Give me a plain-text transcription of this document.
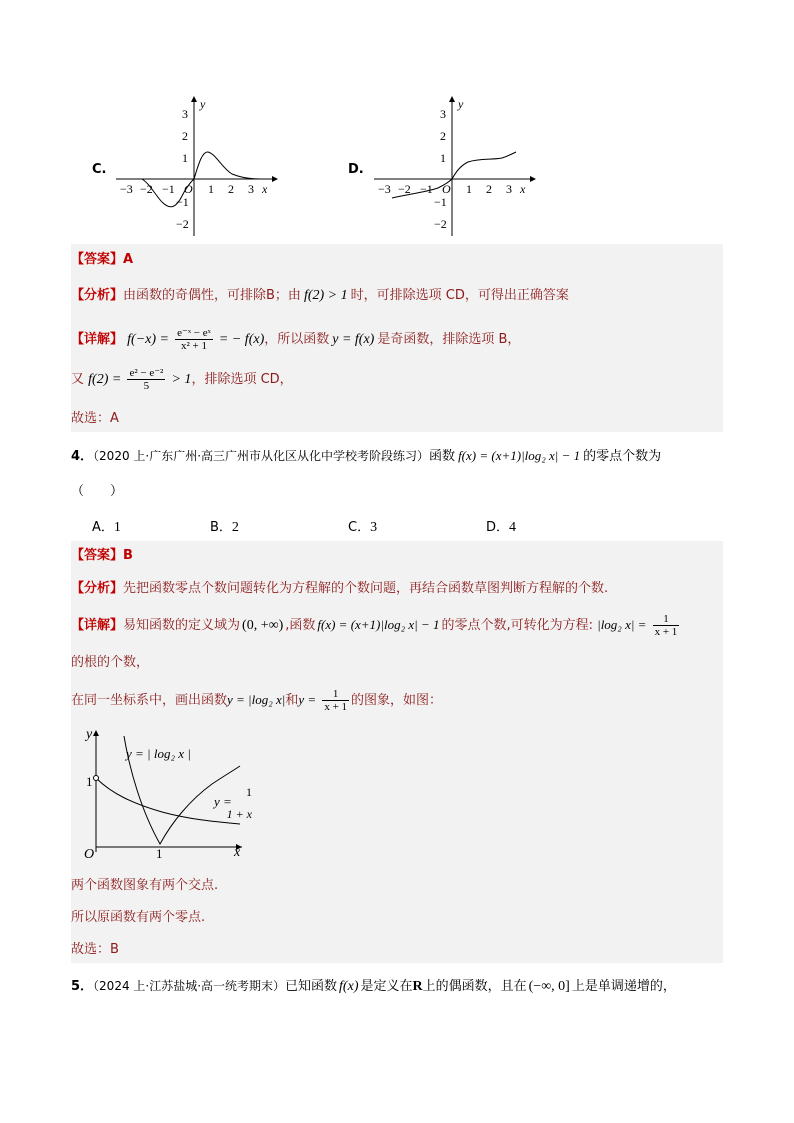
C.
−3 −2 −1 O 1 2 3 x
3
2
1
−1
−2
y
D.
−3 −2 −1 O 1 2 3 x
3
2
1
−1
−2
y
【答案】A
【分析】由函数的奇偶性，可排除B；由 f(2) > 1 时，可排除选项 CD，可得出正确答案
【详解】 $f(-x) = \frac{\text{e⁻ˣ − eˣ}}{\text{x² + 1}}$ = − f(x)，所以函数 y = f(x) 是奇函数，排除选项 B，
又 $f(2) = \frac{\text{e² − e⁻²}}{5} > 1$，排除选项 CD，
故选：A
4．（2020 上·广东广州·高三广州市从化区从化中学校考阶段练习）函数 f(x) = (x+1)|log₂ x| − 1 的零点个数为
（　　）
A．1	B．2	C．3	D．4
【答案】B
【分析】先把函数零点个数问题转化为方程解的个数问题，再结合函数草图判断方程解的个数.
【详解】易知函数的定义域为 (0, +∞) ,函数 f(x) = (x+1)|log₂ x| − 1 的零点个数,可转化为方程: |log₂ $x| = \frac{1}{x + 1}$
的根的个数，
在同一坐标系中，画出函数y = |log₂ x|和$y = \frac{1}{x + 1}$ 的图象，如图：
y
x
O
1
1
y = | log₂ x |
y =
1
1 + x
两个函数图象有两个交点.
所以原函数有两个零点.
故选：B
5．（2024 上·江苏盐城·高一统考期末）已知函数 f(x) 是定义在R上的偶函数，且在 (−∞, 0] 上是单调递增的，
